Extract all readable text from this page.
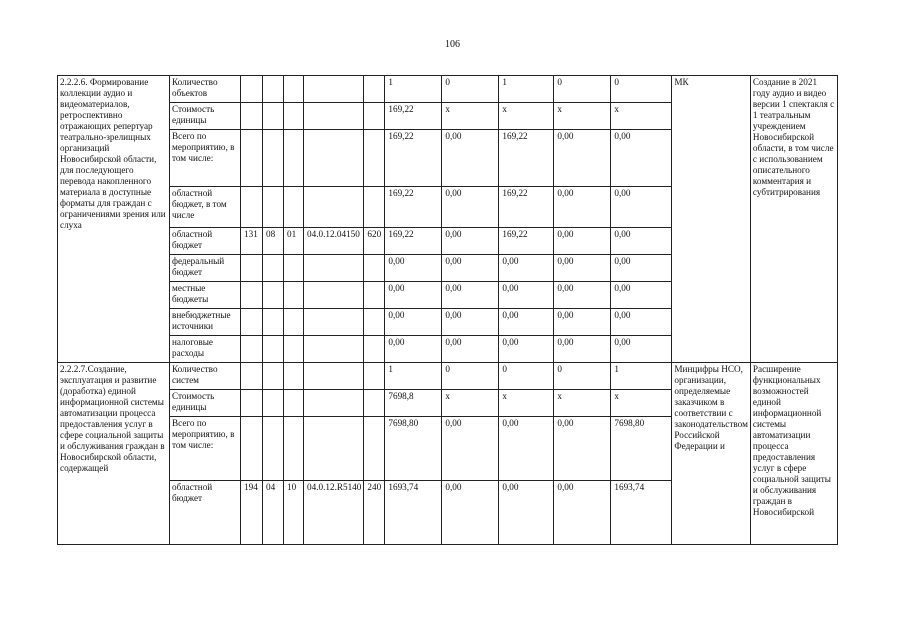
106
2.2.2.6. Формирование коллекции аудио и видеоматериалов, ретроспективно отражающих репертуар театрально-зрелищных организаций Новосибирской области, для последующего перевода накопленного материала в доступные форматы для граждан с ограничениями зрения или слуха	Количество объектов						1	0	1	0	0	МК	Создание в 2021 году аудио и видео версии 1 спектакля с 1 театральным учреждением Новосибирской области, в том числе с использованием описательного комментария и субтитрирования
	Стоимость единицы						169,22	х	х	х	х		
	Всего по мероприятию, в том числе:						169,22	0,00	169,22	0,00	0,00		
	областной бюджет, в том числе						169,22	0,00	169,22	0,00	0,00		
	областной бюджет	131	08	01	04.0.12.04150	620	169,22	0,00	169,22	0,00	0,00		
	федеральный бюджет						0,00	0,00	0,00	0,00	0,00		
	местные бюджеты						0,00	0,00	0,00	0,00	0,00		
	внебюджетные источники						0,00	0,00	0,00	0,00	0,00		
	налоговые расходы						0,00	0,00	0,00	0,00	0,00		
2.2.2.7.Создание, эксплуатация и развитие (доработка) единой информационной системы автоматизации процесса предоставления услуг в сфере социальной защиты и обслуживания граждан в Новосибирской области, содержащей	Количество систем						1	0	0	0	1	Минцифры НСО, организации, определяемые заказчиком в соответствии с законодательством Российской Федерации и	Расширение функциональных возможностей единой информационной системы автоматизации процесса предоставления услуг в сфере социальной защиты и обслуживания граждан в Новосибирской
	Стоимость единицы						7698,8	х	х	х	х		
	Всего по мероприятию, в том числе:						7698,80	0,00	0,00	0,00	7698,80		
	областной бюджет	194	04	10	04.0.12.R5140	240	1693,74	0,00	0,00	0,00	1693,74		
